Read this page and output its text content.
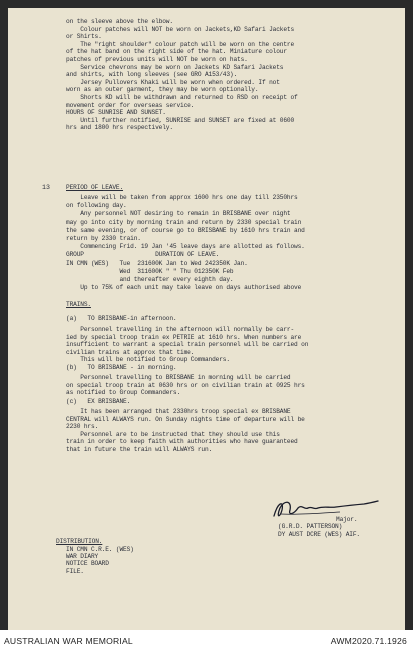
on the sleeve above the elbow.
Colour patches will NOT be worn on Jackets,KD Safari Jackets
or Shirts.
The "right shoulder" colour patch will be worn on the centre
of the hat band on the right side of the hat. Miniature colour
patches of previous units will NOT be worn on hats.
Service chevrons may be worn on Jackets KD Safari Jackets
and shirts, with long sleeves (see GRO A153/43).
Jersey Pullovers Khaki will be worn when ordered. If not
worn as an outer garment, they may be worn optionally.
Shorts KD will be withdrawn and returned to RSD on receipt of
movement order for overseas service.
HOURS OF SUNRISE AND SUNSET.
Until further notified, SUNRISE and SUNSET are fixed at 0600
hrs and 1800 hrs respectively.
13	PERIOD OF LEAVE.
Leave will be taken from approx 1600 hrs one day till 2350hrs
on following day.
Any personnel NOT desiring to remain in BRISBANE over night
may go into city by morning train and return by 2330 special train
the same evening, or of course go to BRISBANE by 1610 hrs train and
return by 2330 train.
Commencing Frid. 19 Jan '45 leave days are allotted as follows.
GROUP                    DURATION OF LEAVE.
IN CMN (WES)   Tue  231600K Jan to Wed 242350K Jan.
Wed  311600K " " Thu 012350K Feb
and thereafter every eighth day.
Up to 75% of each unit may take leave on days authorised above
TRAINS.
(a)   TO BRISBANE-in afternoon.
Personnel travelling in the afternoon will normally be carr-
ied by special troop train ex PETRIE at 1610 hrs. When numbers are
insufficient to warrant a special train personnel will be carried on
civilian trains at approx that time.
This will be notified to Group Commanders.
(b)   TO BRISBANE - in morning.
Personnel travelling to BRISBANE in morning will be carried
on special troop train at 0630 hrs or on civilian train at 0925 hrs
as notified to Group Commanders.
(c)   EX BRISBANE.
It has been arranged that 2330hrs troop special ex BRISBANE
CENTRAL will ALWAYS run. On Sunday nights time of departure will be
2230 hrs.
Personnel are to be instructed that they should use this
train in order to keep faith with authorities who have guaranteed
that in future the train will ALWAYS run.
Major.
(G.R.D. PATTERSON)
DY AUST DCRE (WES) AIF.
DISTRIBUTION.
IN CMN C.R.E. (WES)
WAR DIARY
NOTICE BOARD
FILE.
AUSTRALIAN WAR MEMORIAL	AWM2020.71.1926
